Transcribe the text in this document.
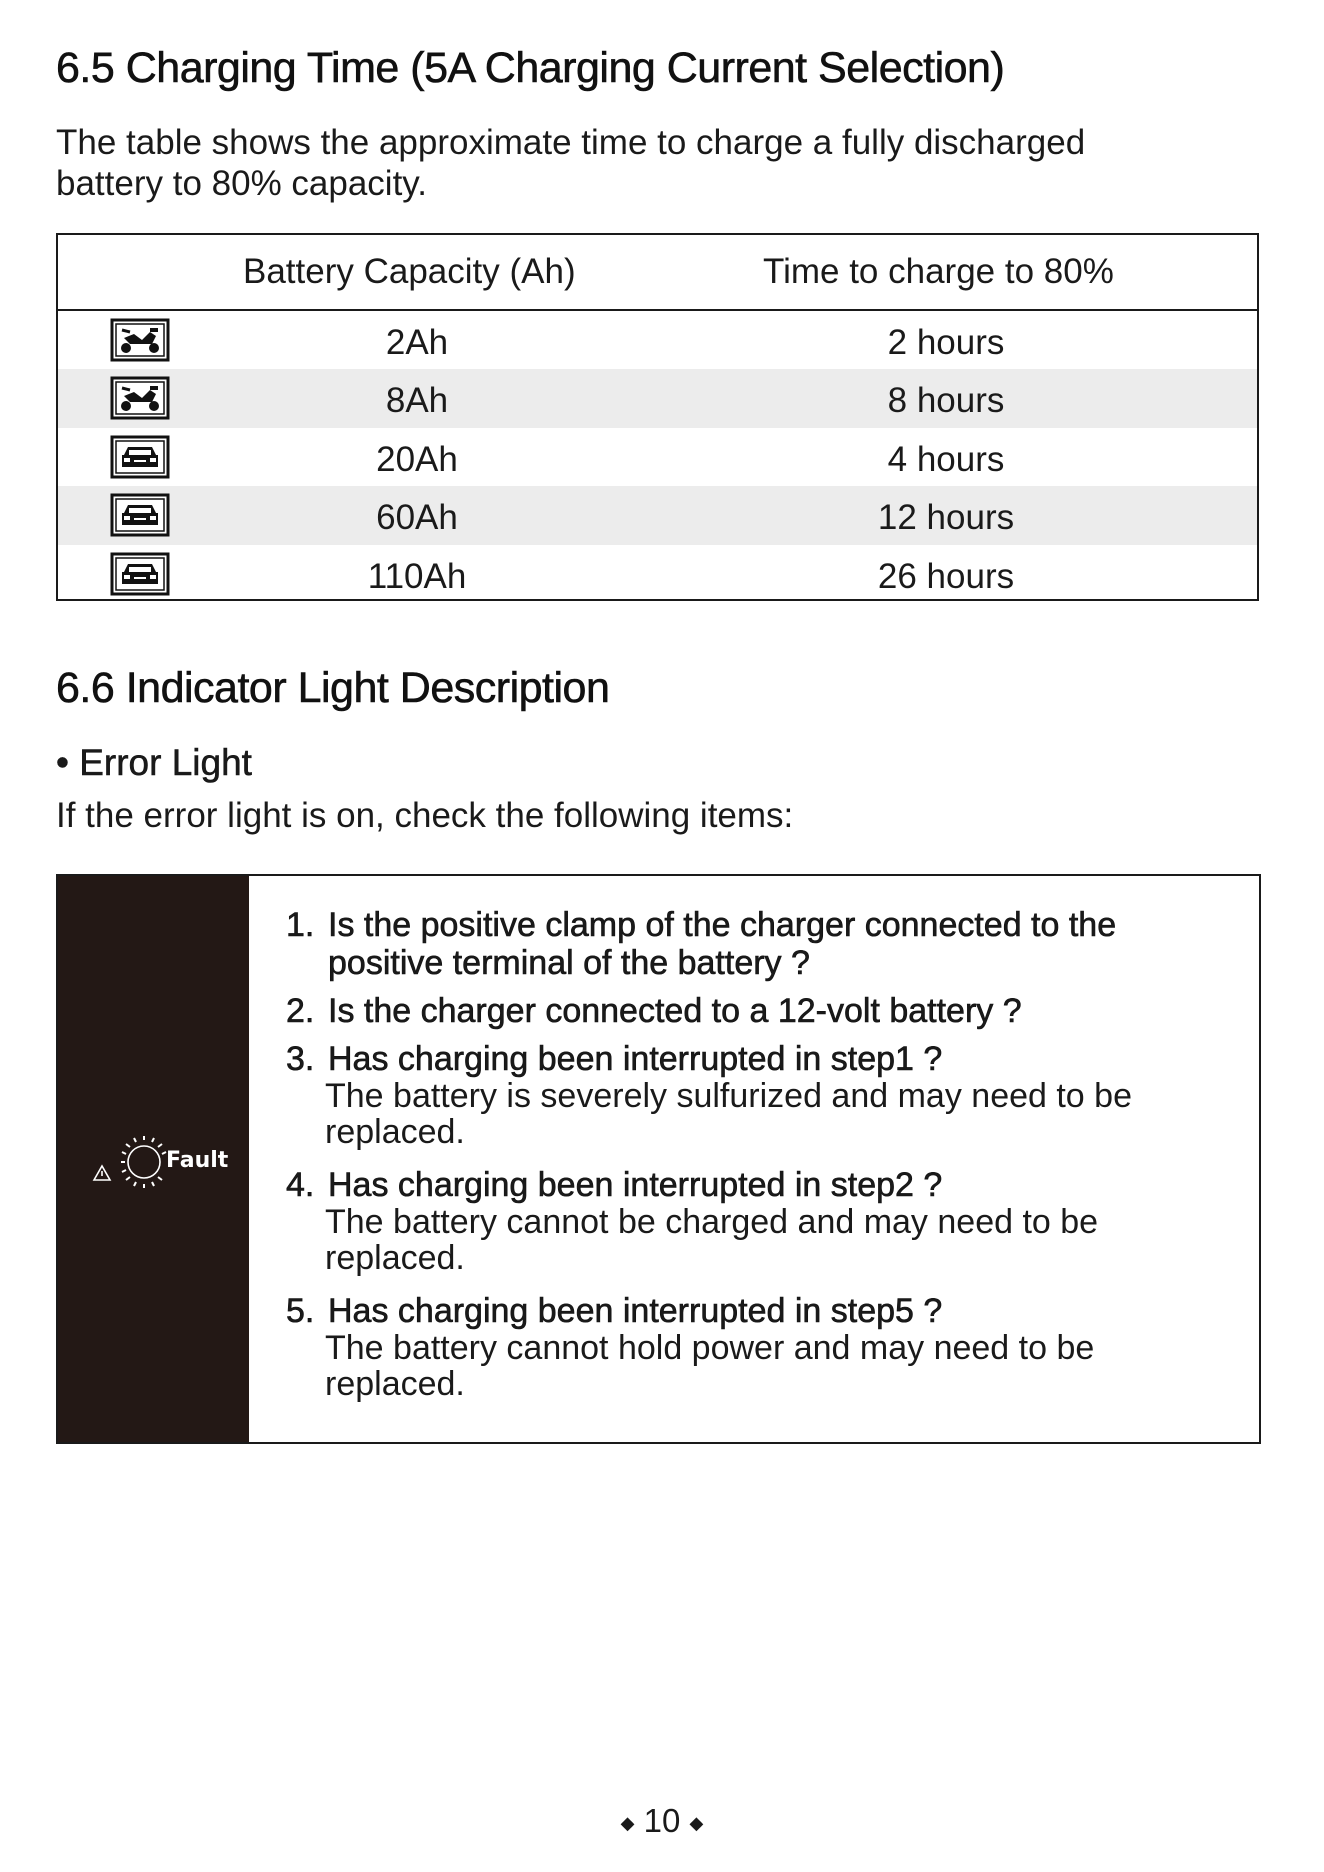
6.5 Charging Time (5A Charging Current Selection)

The table shows the approximate time to charge a fully discharged
battery to 80% capacity.

Battery Capacity (Ah)	Time to charge to 80%
2Ah	2 hours
8Ah	8 hours
20Ah	4 hours
60Ah	12 hours
110Ah	26 hours
6.6 Indicator Light Description

• Error Light

If the error light is on, check the following items:

Fault
1. Is the positive clamp of the charger connected to the
positive terminal of the battery ?
2. Is the charger connected to a 12-volt battery ?
3. Has charging been interrupted in step1 ?
The battery is severely sulfurized and may need to be
replaced.
4. Has charging been interrupted in step2 ?
The battery cannot be charged and may need to be
replaced.
5. Has charging been interrupted in step5 ?
The battery cannot hold power and may need to be
replaced.
◆ 10 ◆
